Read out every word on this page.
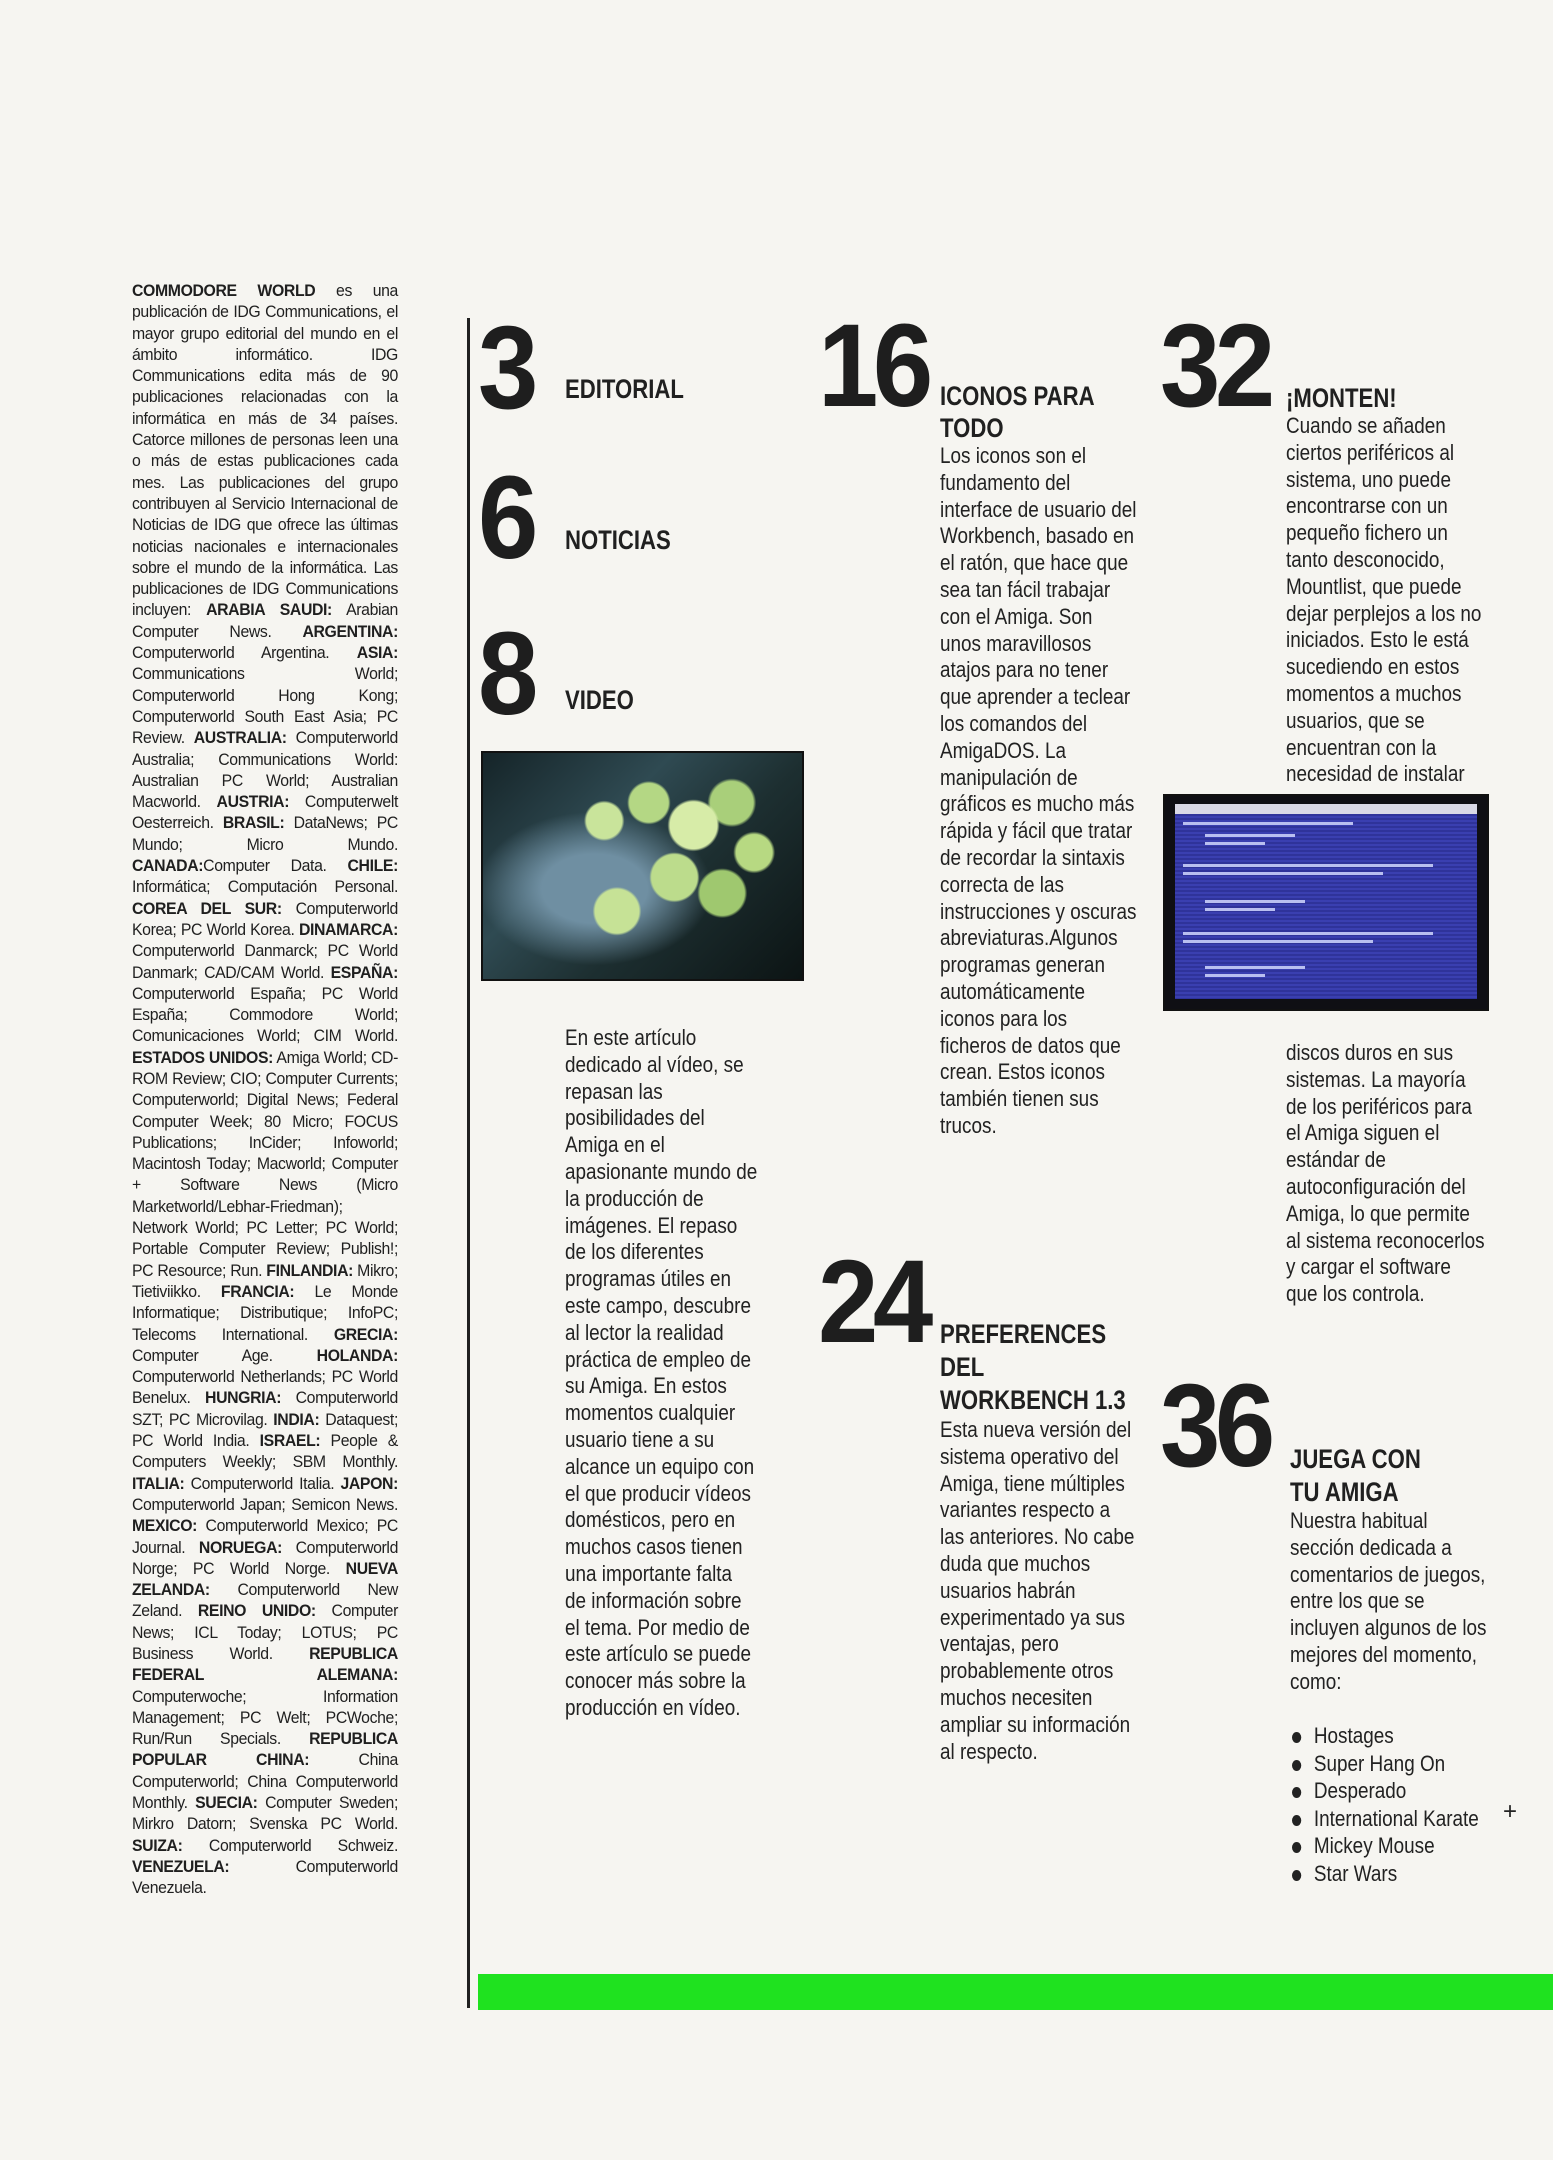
COMMODORE WORLD es una publicación de IDG Communications, el mayor grupo editorial del mundo en el ámbito informático. IDG Communications edita más de 90 publicaciones relacionadas con la informática en más de 34 países. Catorce millones de personas leen una o más de estas publicaciones cada mes. Las publicaciones del grupo contribuyen al Servicio Internacional de Noticias de IDG que ofrece las últimas noticias nacionales e internacionales sobre el mundo de la informática. Las publicaciones de IDG Communications incluyen: ARABIA SAUDI: Arabian Computer News. ARGENTINA: Computerworld Argentina. ASIA: Communications World; Computerworld Hong Kong; Computerworld South East Asia; PC Review. AUSTRALIA: Computerworld Australia; Communications World: Australian PC World; Australian Macworld. AUSTRIA: Computerwelt Oesterreich. BRASIL: DataNews; PC Mundo; Micro Mundo. CANADA:Computer Data. CHILE: Informática; Computación Personal. COREA DEL SUR: Computerworld Korea; PC World Korea. DINAMARCA: Computerworld Danmarck; PC World Danmark; CAD/CAM World. ESPAÑA: Computerworld España; PC World España; Commodore World; Comunicaciones World; CIM World. ESTADOS UNIDOS: Amiga World; CD-ROM Review; CIO; Computer Currents; Computerworld; Digital News; Federal Computer Week; 80 Micro; FOCUS Publications; InCider; Infoworld; Macintosh Today; Macworld; Computer + Software News (Micro Marketworld/Lebhar-Friedman); Network World; PC Letter; PC World; Portable Computer Review; Publish!; PC Resource; Run. FINLANDIA: Mikro; Tietiviikko. FRANCIA: Le Monde Informatique; Distributique; InfoPC; Telecoms International. GRECIA: Computer Age. HOLANDA: Computerworld Netherlands; PC World Benelux. HUNGRIA: Computerworld SZT; PC Microvilag. INDIA: Dataquest; PC World India. ISRAEL: People & Computers Weekly; SBM Monthly. ITALIA: Computerworld Italia. JAPON: Computerworld Japan; Semicon News. MEXICO: Computerworld Mexico; PC Journal. NORUEGA: Computerworld Norge; PC World Norge. NUEVA ZELANDA: Computerworld New Zeland. REINO UNIDO: Computer News; ICL Today; LOTUS; PC Business World. REPUBLICA FEDERAL ALEMANA: Computerwoche; Information Management; PC Welt; PCWoche; Run/Run Specials. REPUBLICA POPULAR CHINA: China Computerworld; China Computerworld Monthly. SUECIA: Computer Sweden; Mirkro Datorn; Svenska PC World. SUIZA: Computerworld Schweiz. VENEZUELA: Computerworld Venezuela.
3 EDITORIAL
6 NOTICIAS
8 VIDEO
En este artículo dedicado al vídeo, se repasan las posibilidades del Amiga en el apasionante mundo de la producción de imágenes. El repaso de los diferentes programas útiles en este campo, descubre al lector la realidad práctica de empleo de su Amiga. En estos momentos cualquier usuario tiene a su alcance un equipo con el que producir vídeos domésticos, pero en muchos casos tienen una importante falta de información sobre el tema. Por medio de este artículo se puede conocer más sobre la producción en vídeo.
16 ICONOS PARA
TODO
Los iconos son el fundamento del interface de usuario del Workbench, basado en el ratón, que hace que sea tan fácil trabajar con el Amiga. Son unos maravillosos atajos para no tener que aprender a teclear los comandos del AmigaDOS. La manipulación de gráficos es mucho más rápida y fácil que tratar de recordar la sintaxis correcta de las instrucciones y oscuras abreviaturas.Algunos programas generan automáticamente iconos para los ficheros de datos que crean. Estos iconos también tienen sus trucos.
24 PREFERENCES
DEL
WORKBENCH 1.3
Esta nueva versión del sistema operativo del Amiga, tiene múltiples variantes respecto a las anteriores. No cabe duda que muchos usuarios habrán experimentado ya sus ventajas, pero probablemente otros muchos necesiten ampliar su información al respecto.
32 ¡MONTEN!
Cuando se añaden ciertos periféricos al sistema, uno puede encontrarse con un pequeño fichero un tanto desconocido, Mountlist, que puede dejar perplejos a los no iniciados. Esto le está sucediendo en estos momentos a muchos usuarios, que se encuentran con la necesidad de instalar
discos duros en sus sistemas. La mayoría de los periféricos para el Amiga siguen el estándar de autoconfiguración del Amiga, lo que permite al sistema reconocerlos y cargar el software que los controla.
36 JUEGA CON
TU AMIGA
Nuestra habitual sección dedicada a comentarios de juegos, entre los que se incluyen algunos de los mejores del momento, como:
Hostages
Super Hang On
Desperado
International Karate
Mickey Mouse
Star Wars
+
